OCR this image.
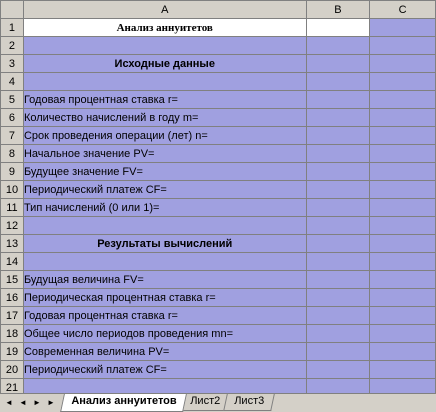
	A	B	C
1	Анализ аннуитетов		
2			
3	Исходные данные		
4			
5	Годовая процентная ставка r=		
6	Количество начислений в году m=		
7	Срок проведения операции (лет) n=		
8	Начальное значение PV=		
9	Будущее значение FV=		
10	Периодический платеж CF=		
11	Тип начислений (0 или 1)=		
12			
13	Результаты вычислений		
14			
15	Будущая величина FV=		
16	Периодическая процентная ставка r=		
17	Годовая процентная ставка r=		
18	Общее число периодов проведения mn=		
19	Современная величина PV=		
20	Периодический платеж CF=		
21			

◄ ◄ ► ►	Анализ аннуитетов	Лист2	Лист3
